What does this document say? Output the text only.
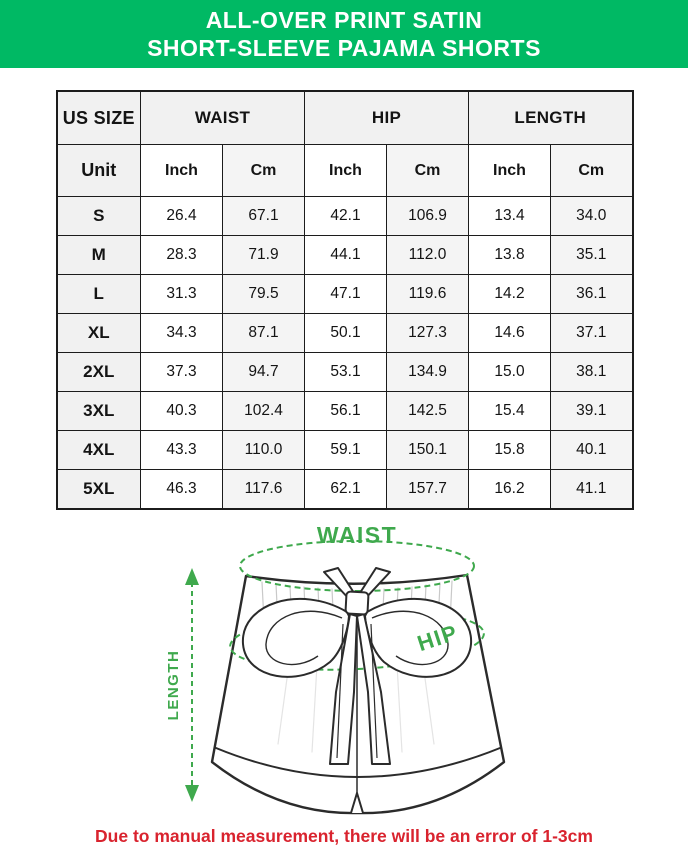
ALL-OVER PRINT SATIN
SHORT-SLEEVE PAJAMA SHORTS
US SIZE	WAIST		HIP		LENGTH	
Unit	Inch	Cm	Inch	Cm	Inch	Cm
S	26.4	67.1	42.1	106.9	13.4	34.0
M	28.3	71.9	44.1	112.0	13.8	35.1
L	31.3	79.5	47.1	119.6	14.2	36.1
XL	34.3	87.1	50.1	127.3	14.6	37.1
2XL	37.3	94.7	53.1	134.9	15.0	38.1
3XL	40.3	102.4	56.1	142.5	15.4	39.1
4XL	43.3	110.0	59.1	150.1	15.8	40.1
5XL	46.3	117.6	62.1	157.7	16.2	41.1
WAIST
HIP
LENGTH
Due to manual measurement, there will be an error of 1-3cm
